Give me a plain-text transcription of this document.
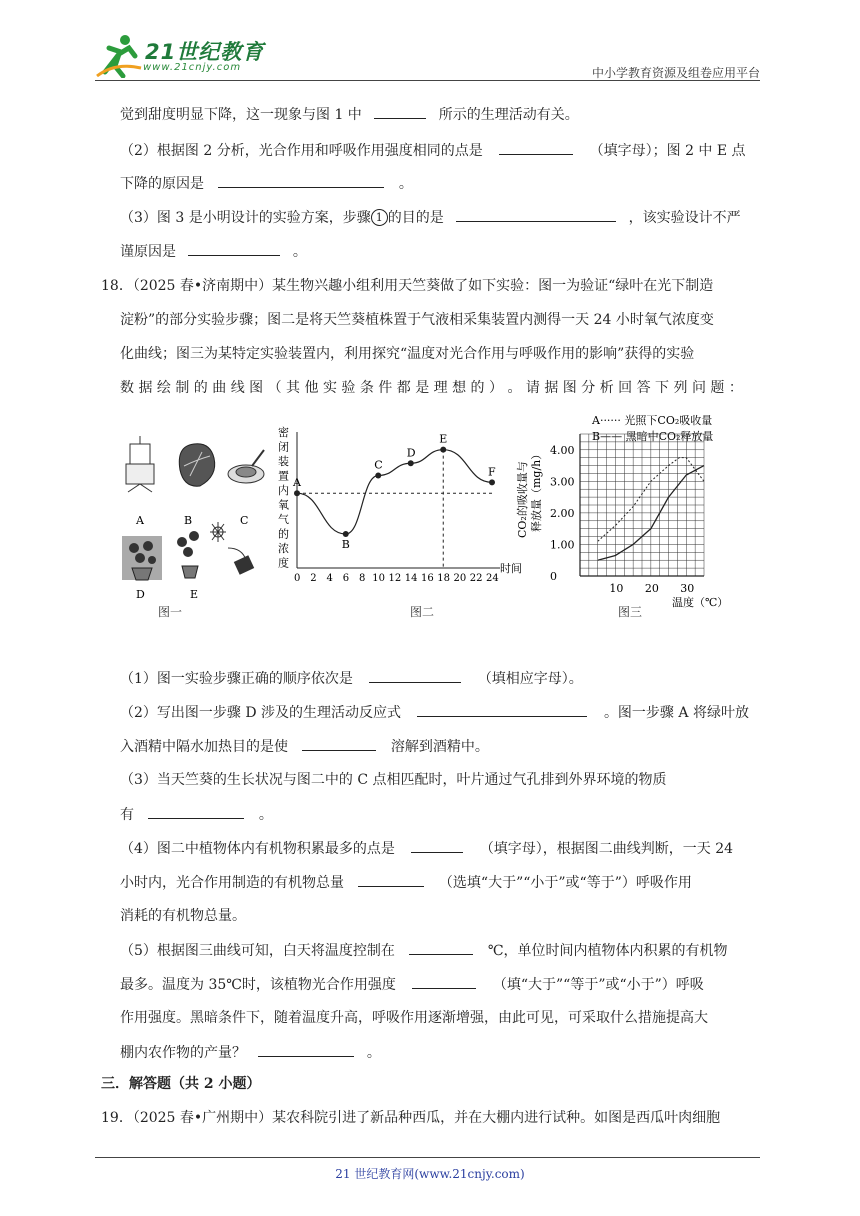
21世纪教育
www.21cnjy.com	中小学教育资源及组卷应用平台
觉到甜度明显下降，这一现象与图 1 中	所示的生理活动有关。
（2）根据图 2 分析，光合作用和呼吸作用强度相同的点是	（填字母）；图 2 中 E 点
下降的原因是	。
（3）图 3 是小明设计的实验方案，步骤 1 的目的是	，该实验设计不严
谨原因是	。
18．（2025 春•济南期中）某生物兴趣小组利用天竺葵做了如下实验：图一为验证“绿叶在光下制造
淀粉”的部分实验步骤；图二是将天竺葵植株置于气液相采集装置内测得一天 24 小时氧气浓度变
化曲线；图三为某特定实验装置内，利用探究“温度对光合作用与呼吸作用的影响”获得的实验
数 据 绘 制 的 曲 线 图 （ 其 他 实 验 条 件 都 是 理 想 的 ） 。 请 据 图 分 析 回 答 下 列 问 题 ：
A	B	C
D	E
图一
密
闭
装
置
内
氧
气
的
浓
度
A
B
C
D
E
F
0 2 4 6 8 10 12 14 16 18 20 22 24
时间
图二
A······ 光照下CO₂吸收量
B—— 黑暗中CO₂释放量
CO₂的吸收量与 释放量（mg/h） 4.00
3.00
2.00
1.00
0
10 20 30
温度（℃）
图三
（1）图一实验步骤正确的顺序依次是	（填相应字母）。
（2）写出图一步骤 D 涉及的生理活动反应式	。图一步骤 A 将绿叶放
入酒精中隔水加热目的是使	溶解到酒精中。
（3）当天竺葵的生长状况与图二中的 C 点相匹配时，叶片通过气孔排到外界环境的物质
有	。
（4）图二中植物体内有机物积累最多的点是	（填字母），根据图二曲线判断，一天 24
小时内，光合作用制造的有机物总量	（选填“大于”“小于”或“等于”）呼吸作用
消耗的有机物总量。
（5）根据图三曲线可知，白天将温度控制在	℃，单位时间内植物体内积累的有机物
最多。温度为 35℃时，该植物光合作用强度	（填“大于”“等于”或“小于”）呼吸
作用强度。黑暗条件下，随着温度升高，呼吸作用逐渐增强，由此可见，可采取什么措施提高大
棚内农作物的产量？	。
三．解答题（共 2 小题）
19．（2025 春•广州期中）某农科院引进了新品种西瓜，并在大棚内进行试种。如图是西瓜叶肉细胞
21 世纪教育网(www.21cnjy.com)
